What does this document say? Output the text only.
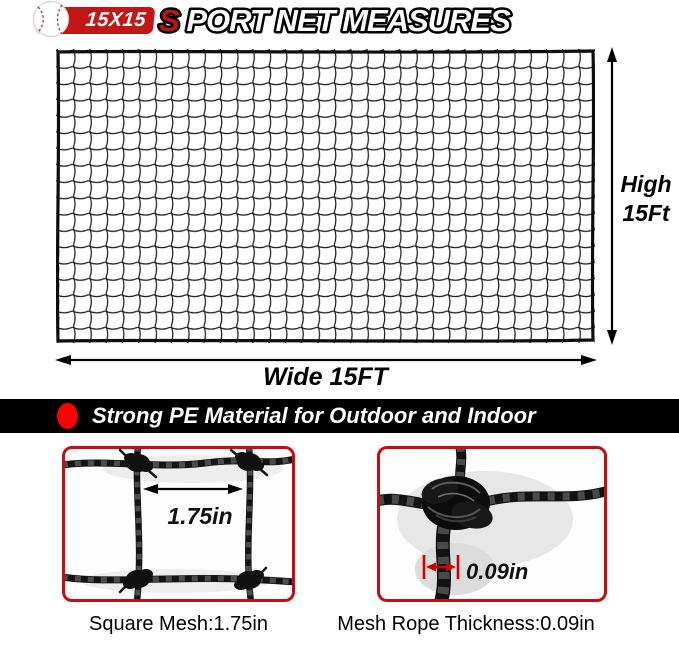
15X15 S PORT NET MEASURES
High
15Ft
Wide 15FT
Strong PE Material for Outdoor and Indoor
1.75in
0.09in
Square Mesh:1.75in	Mesh Rope Thickness:0.09in
